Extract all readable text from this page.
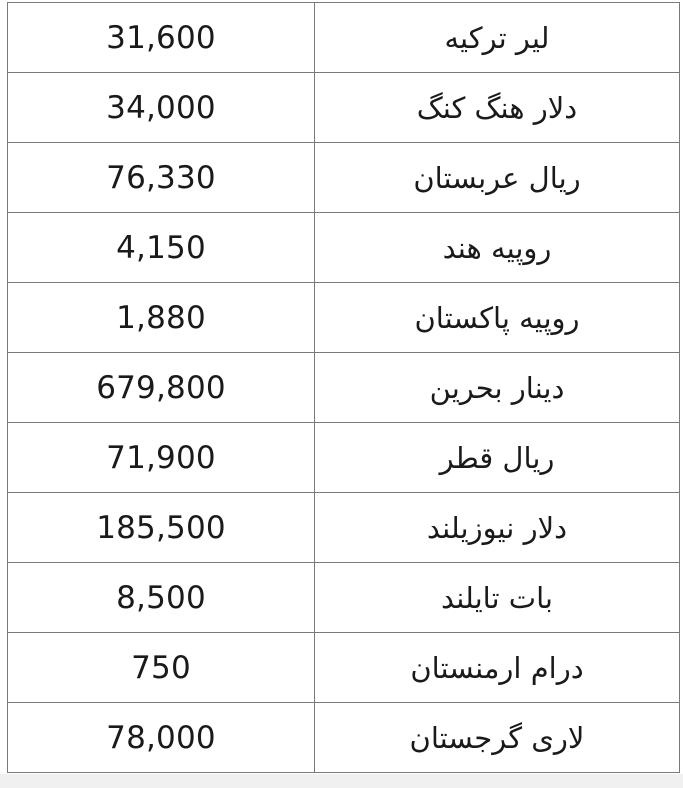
31,600	لیر ترکیه
34,000	دلار هنگ کنگ
76,330	ریال عربستان
4,150	روپیه هند
1,880	روپیه پاکستان
679,800	دینار بحرین
71,900	ریال قطر
185,500	دلار نیوزیلند
8,500	بات تایلند
750	درام ارمنستان
78,000	لاری گرجستان
